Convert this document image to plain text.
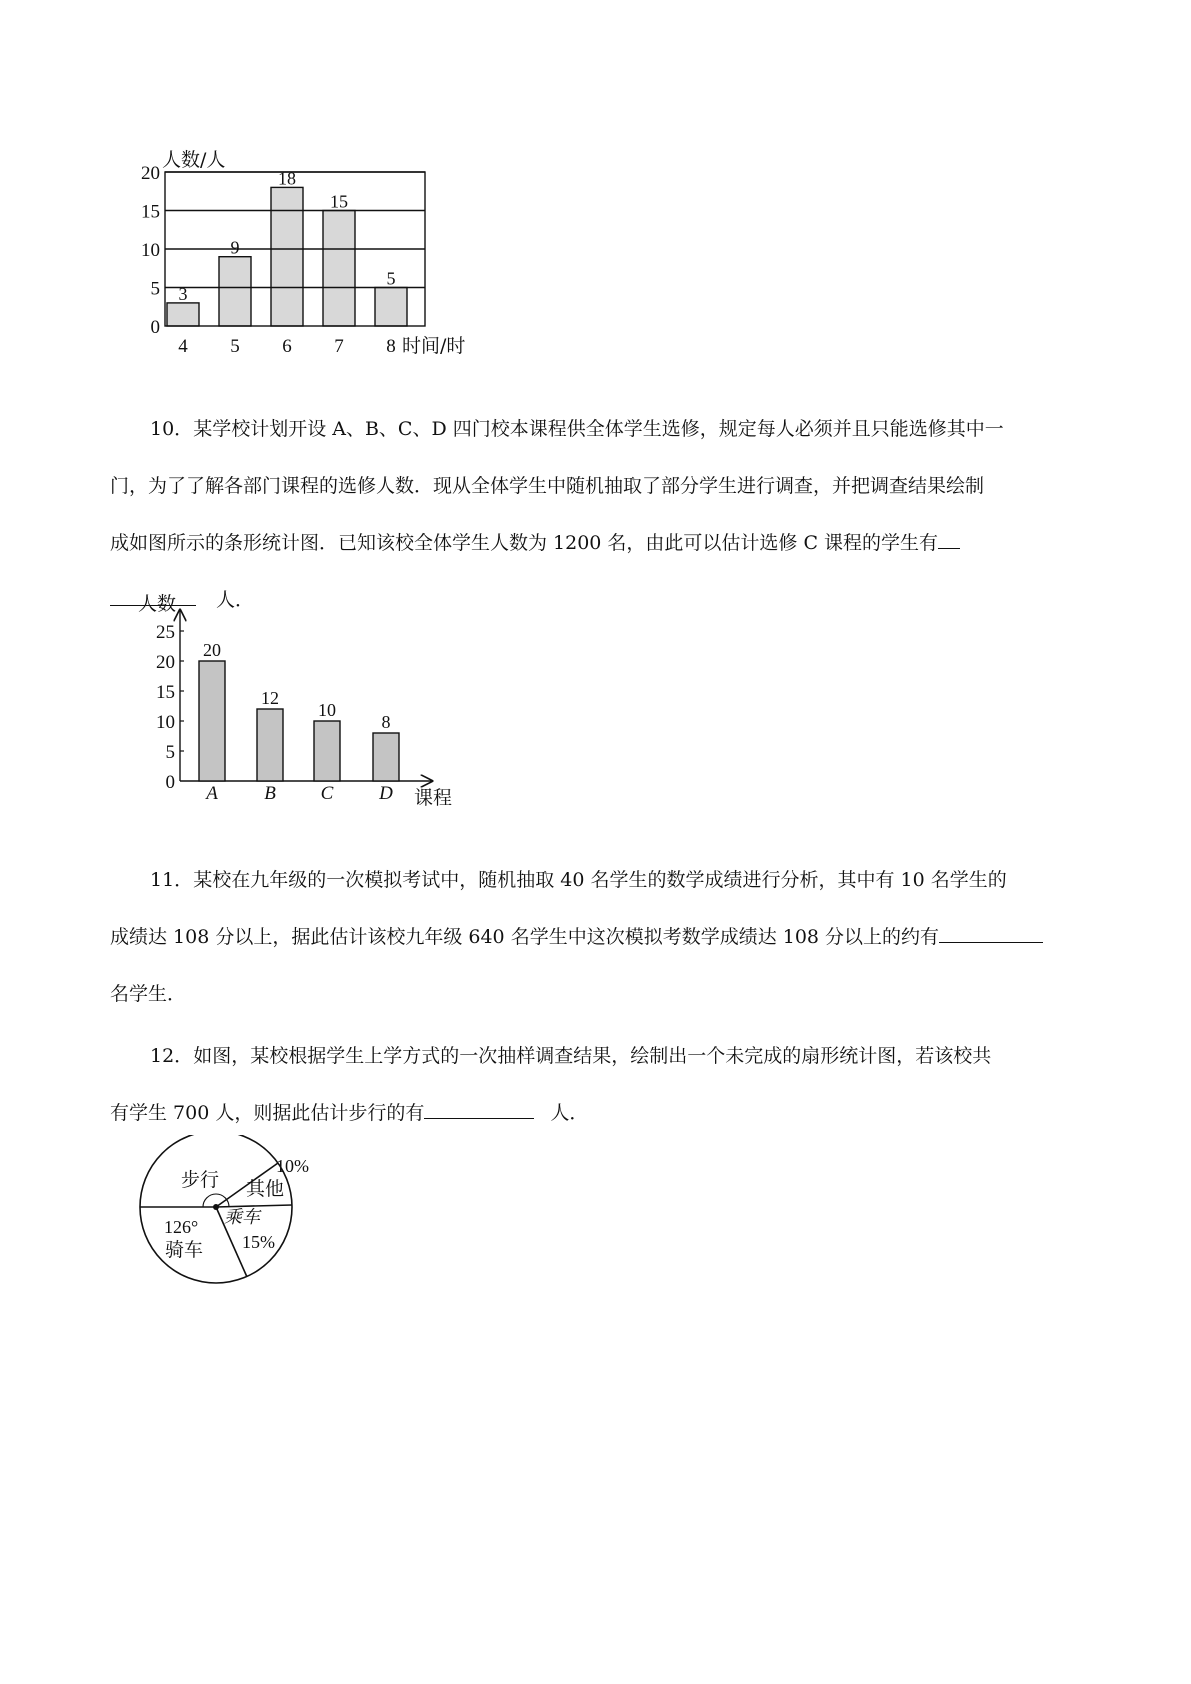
人数/人
时间/时
0
5
10
15
20
4 5 6 7 8
3
9
18
15
5

10．某学校计划开设 A、B、C、D 四门校本课程供全体学生选修，规定每人必须并且只能选修其中一

门，为了了解各部门课程的选修人数．现从全体学生中随机抽取了部分学生进行调查，并把调查结果绘制

成如图所示的条形统计图．已知该校全体学生人数为 1200 名，由此可以估计选修 C 课程的学生有

人．

人数
课程
0
5
10
15
20
25
A B C D
20
12
10
8

11．某校在九年级的一次模拟考试中，随机抽取 40 名学生的数学成绩进行分析，其中有 10 名学生的

成绩达 108 分以上，据此估计该校九年级 640 名学生中这次模拟考数学成绩达 108 分以上的约有

名学生．

12．如图，某校根据学生上学方式的一次抽样调查结果，绘制出一个未完成的扇形统计图，若该校共

有学生 700 人，则据此估计步行的有	人．

步行 其他
10%
乘车
15%
126°
骑车
